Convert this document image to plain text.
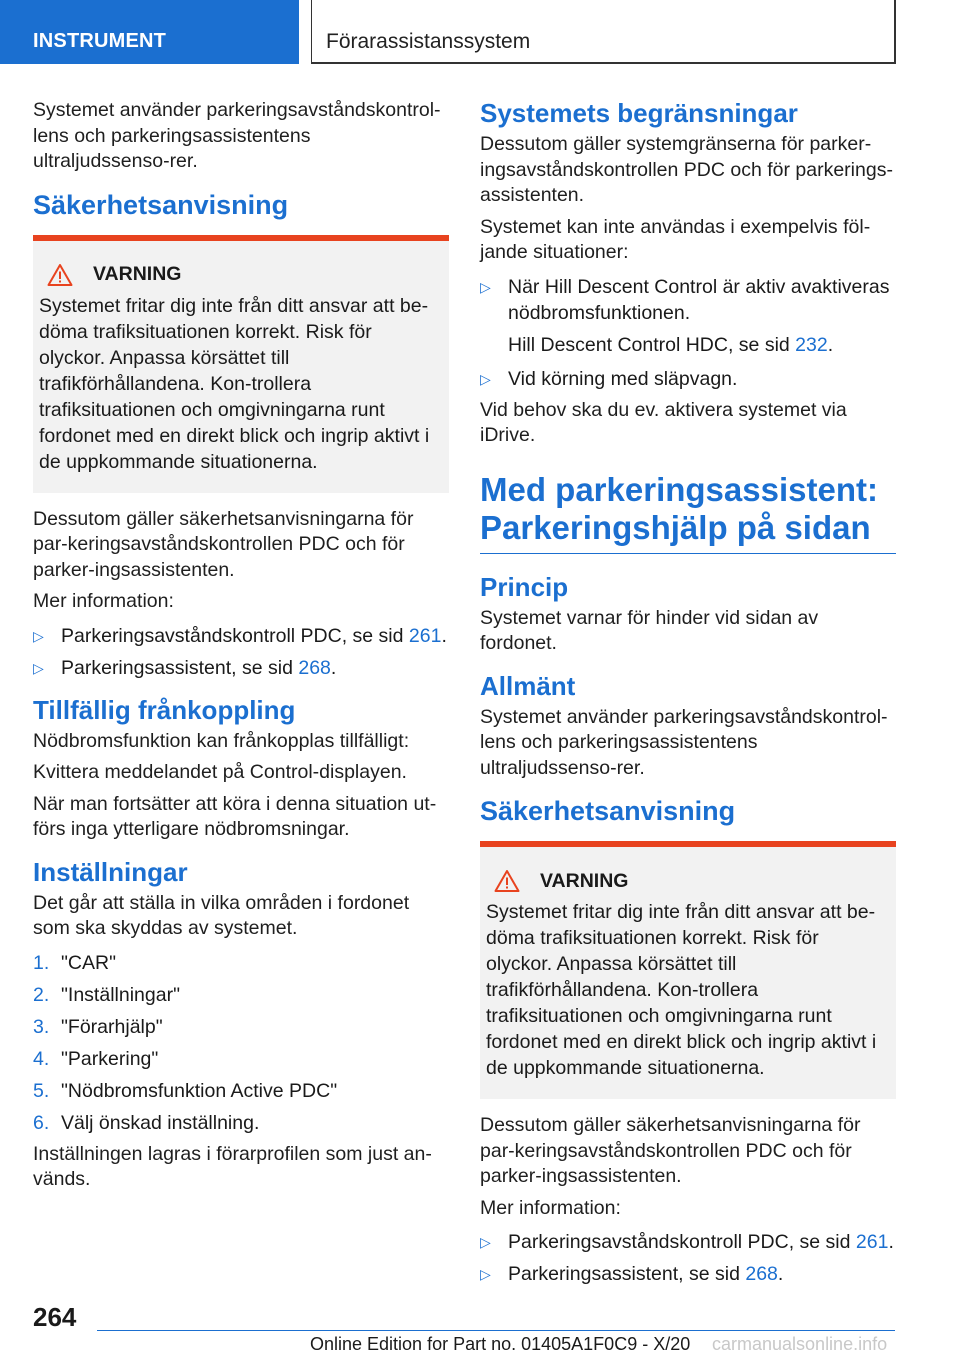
INSTRUMENT	Förarassistanssystem

Systemet använder parkeringsavståndskontrol-lens och parkeringsassistentens ultraljudssenso-rer.

Säkerhetsanvisning
VARNING
Systemet fritar dig inte från ditt ansvar att be-döma trafiksituationen korrekt. Risk för olyckor. Anpassa körsättet till trafikförhållandena. Kon-trollera trafiksituationen och omgivningarna runt fordonet med en direkt blick och ingrip aktivt i de uppkommande situationerna.

Dessutom gäller säkerhetsanvisningarna för par-keringsavståndskontrollen PDC och för parker-ingsassistenten.

Mer information:

▷ Parkeringsavståndskontroll PDC, se sid 261.
▷ Parkeringsassistent, se sid 268.
Tillfällig frånkoppling

Nödbromsfunktion kan frånkopplas tillfälligt:

Kvittera meddelandet på Control-displayen.

När man fortsätter att köra i denna situation ut-förs inga ytterligare nödbromsningar.

Inställningar

Det går att ställa in vilka områden i fordonet som ska skyddas av systemet.

1. "CAR"
2. "Inställningar"
3. "Förarhjälp"
4. "Parkering"
5. "Nödbromsfunktion Active PDC"
6. Välj önskad inställning.

Inställningen lagras i förarprofilen som just an-vänds.

Systemets begränsningar

Dessutom gäller systemgränserna för parker-ingsavståndskontrollen PDC och för parkerings-assistenten.

Systemet kan inte användas i exempelvis föl-jande situationer:

▷ När Hill Descent Control är aktiv avaktiveras nödbromsfunktionen.
Hill Descent Control HDC, se sid 232.
▷ Vid körning med släpvagn.

Vid behov ska du ev. aktivera systemet via iDrive.

Med parkeringsassistent:
Parkeringshjälp på sidan
Princip

Systemet varnar för hinder vid sidan av fordonet.

Allmänt

Systemet använder parkeringsavståndskontrol-lens och parkeringsassistentens ultraljudssenso-rer.

Säkerhetsanvisning
VARNING
Systemet fritar dig inte från ditt ansvar att be-döma trafiksituationen korrekt. Risk för olyckor. Anpassa körsättet till trafikförhållandena. Kon-trollera trafiksituationen och omgivningarna runt fordonet med en direkt blick och ingrip aktivt i de uppkommande situationerna.

Dessutom gäller säkerhetsanvisningarna för par-keringsavståndskontrollen PDC och för parker-ingsassistenten.

Mer information:

▷ Parkeringsavståndskontroll PDC, se sid 261.
▷ Parkeringsassistent, se sid 268.
264
Online Edition for Part no. 01405A1F0C9 - X/20 carmanualsonline.info
